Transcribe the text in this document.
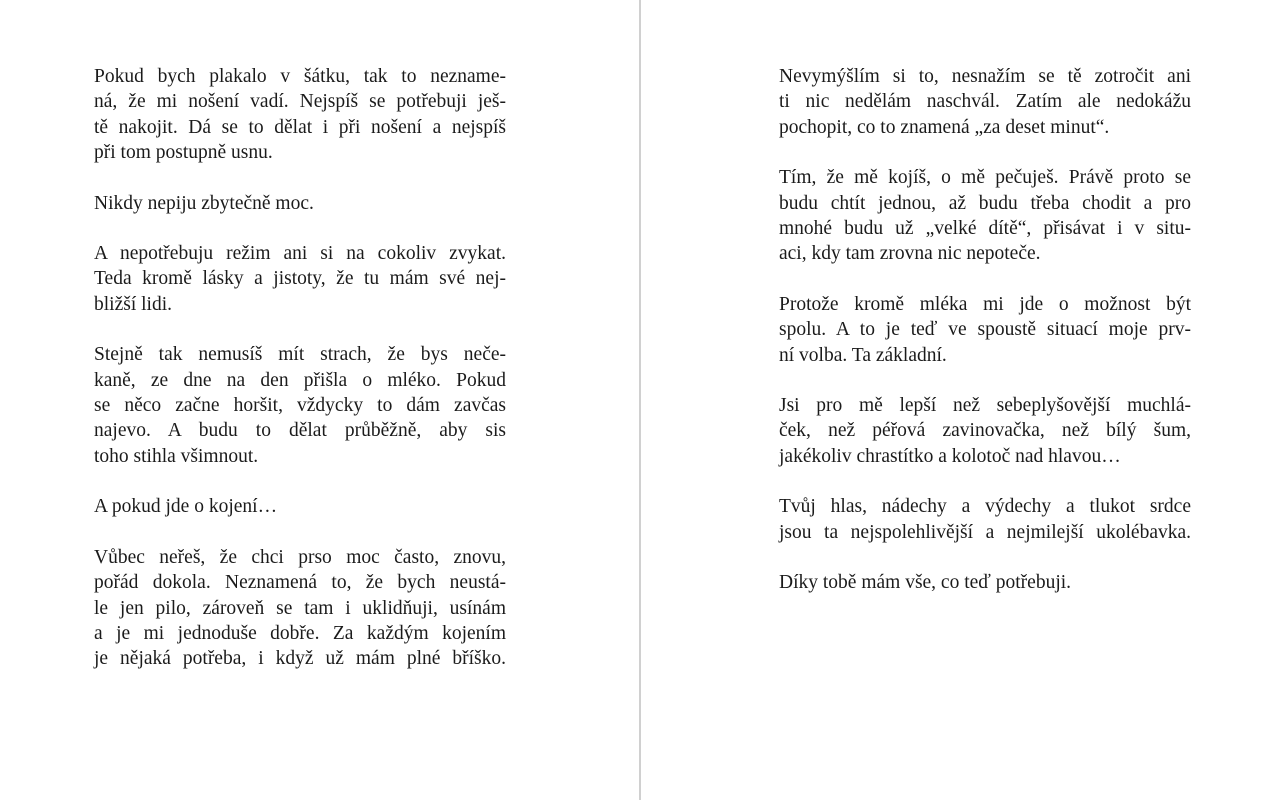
Pokud bych plakalo v šátku, tak to nezname-
ná, že mi nošení vadí. Nejspíš se potřebuji ješ-
tě nakojit. Dá se to dělat i při nošení a nejspíš
při tom postupně usnu.

Nikdy nepiju zbytečně moc.

A nepotřebuju režim ani si na cokoliv zvykat.
Teda kromě lásky a jistoty, že tu mám své nej-
bližší lidi.

Stejně tak nemusíš mít strach, že bys neče-
kaně, ze dne na den přišla o mléko. Pokud
se něco začne horšit, vždycky to dám zavčas
najevo. A budu to dělat průběžně, aby sis
toho stihla všimnout.

A pokud jde o kojení…

Vůbec neřeš, že chci prso moc často, znovu,
pořád dokola. Neznamená to, že bych neustá-
le jen pilo, zároveň se tam i uklidňuji, usínám
a je mi jednoduše dobře. Za každým kojením
je nějaká potřeba, i když už mám plné bříško.

Nevymýšlím si to, nesnažím se tě zotročit ani
ti nic nedělám naschvál. Zatím ale nedokážu
pochopit, co to znamená „za deset minut“.

Tím, že mě kojíš, o mě pečuješ. Právě proto se
budu chtít jednou, až budu třeba chodit a pro
mnohé budu už „velké dítě“, přisávat i v situ-
aci, kdy tam zrovna nic nepoteče.

Protože kromě mléka mi jde o možnost být
spolu. A to je teď ve spoustě situací moje prv-
ní volba. Ta základní.

Jsi pro mě lepší než sebeplyšovější muchlá-
ček, než péřová zavinovačka, než bílý šum,
jakékoliv chrastítko a kolotoč nad hlavou…

Tvůj hlas, nádechy a výdechy a tlukot srdce
jsou ta nejspolehlivější a nejmilejší ukolébavka.

Díky tobě mám vše, co teď potřebuji.
